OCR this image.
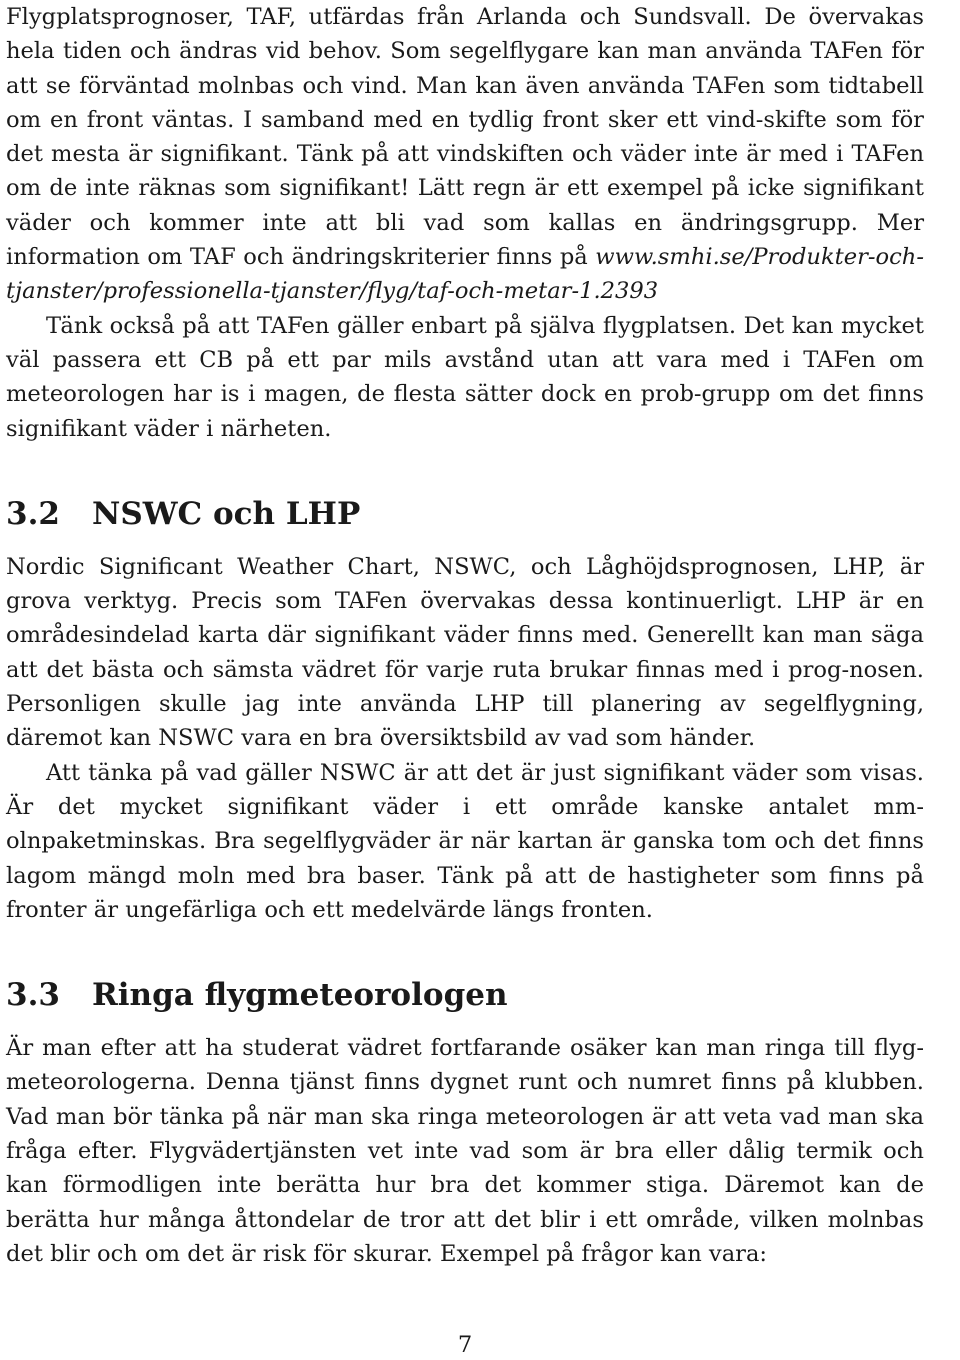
Flygplatsprognoser, TAF, utfärdas från Arlanda och Sundsvall. De övervakas hela tiden och ändras vid behov. Som segelflygare kan man använda TAFen för att se förväntad molnbas och vind. Man kan även använda TAFen som tidtabell om en front väntas. I samband med en tydlig front sker ett vind-skifte som för det mesta är signifikant. Tänk på att vindskiften och väder inte är med i TAFen om de inte räknas som signifikant! Lätt regn är ett exempel på icke signifikant väder och kommer inte att bli vad som kallas en ändringsgrupp. Mer information om TAF och ändringskriterier finns på www.smhi.se/Produkter-och-tjanster/professionella-tjanster/flyg/taf-och-metar-1.2393

Tänk också på att TAFen gäller enbart på själva flygplatsen. Det kan mycket väl passera ett CB på ett par mils avstånd utan att vara med i TAFen om meteorologen har is i magen, de flesta sätter dock en prob-grupp om det finns signifikant väder i närheten.

3.2 NSWC och LHP

Nordic Significant Weather Chart, NSWC, och Låghöjdsprognosen, LHP, är grova verktyg. Precis som TAFen övervakas dessa kontinuerligt. LHP är en områdesindelad karta där signifikant väder finns med. Generellt kan man säga att det bästa och sämsta vädret för varje ruta brukar finnas med i prog-nosen. Personligen skulle jag inte använda LHP till planering av segelflygning, däremot kan NSWC vara en bra översiktsbild av vad som händer.

Att tänka på vad gäller NSWC är att det är just signifikant väder som visas. Är det mycket signifikant väder i ett område kanske antalet mm-olnpaketminskas. Bra segelflygväder är när kartan är ganska tom och det finns lagom mängd moln med bra baser. Tänk på att de hastigheter som finns på fronter är ungefärliga och ett medelvärde längs fronten.

3.3 Ringa flygmeteorologen

Är man efter att ha studerat vädret fortfarande osäker kan man ringa till flyg-meteorologerna. Denna tjänst finns dygnet runt och numret finns på klubben. Vad man bör tänka på när man ska ringa meteorologen är att veta vad man ska fråga efter. Flygvädertjänsten vet inte vad som är bra eller dålig termik och kan förmodligen inte berätta hur bra det kommer stiga. Däremot kan de berätta hur många åttondelar de tror att det blir i ett område, vilken molnbas det blir och om det är risk för skurar. Exempel på frågor kan vara:

7
